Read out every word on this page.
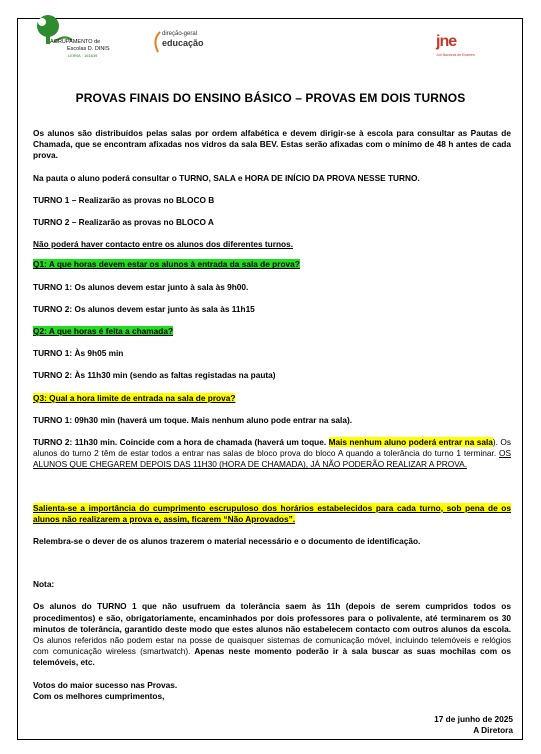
AGRUPAMENTO de
Escolas D. DINIS
LEIRIA · 161639
direção-geral
educação	jne
Júri Nacional de Exames
PROVAS FINAIS DO ENSINO BÁSICO – PROVAS EM DOIS TURNOS

Os alunos são distribuídos pelas salas por ordem alfabética e devem dirigir-se à escola para consultar as Pautas de Chamada, que se encontram afixadas nos vidros da sala BEV. Estas serão afixadas com o mínimo de 48 h antes de cada prova.

Na pauta o aluno poderá consultar o TURNO, SALA e HORA DE INÍCIO DA PROVA NESSE TURNO.

TURNO 1 – Realizarão as provas no BLOCO B

TURNO 2 – Realizarão as provas no BLOCO A

Não poderá haver contacto entre os alunos dos diferentes turnos.

Q1: A que horas devem estar os alunos à entrada da sala de prova?

TURNO 1: Os alunos devem estar junto à sala às 9h00.

TURNO 2: Os alunos devem estar junto às sala às 11h15

Q2: A que horas é feita a chamada?

TURNO 1: Às 9h05 min

TURNO 2: Às 11h30 min (sendo as faltas registadas na pauta)

Q3: Qual a hora limite de entrada na sala de prova?

TURNO 1: 09h30 min (haverá um toque. Mais nenhum aluno pode entrar na sala).

TURNO 2: 11h30 min. Coincide com a hora de chamada (haverá um toque. Mais nenhum aluno poderá entrar na sala). Os alunos do turno 2 têm de estar todos a entrar nas salas de bloco prova do bloco A quando a tolerância do turno 1 terminar. OS ALUNOS QUE CHEGAREM DEPOIS DAS 11H30 (HORA DE CHAMADA), JÁ NÃO PODERÃO REALIZAR A PROVA.

Salienta-se a importância do cumprimento escrupuloso dos horários estabelecidos para cada turno, sob pena de os alunos não realizarem a prova e, assim, ficarem “Não Aprovados”.

Relembra-se o dever de os alunos trazerem o material necessário e o documento de identificação.

Nota:

Os alunos do TURNO 1 que não usufruem da tolerância saem às 11h (depois de serem cumpridos todos os procedimentos) e são, obrigatoriamente, encaminhados por dois professores para o polivalente, até terminarem os 30 minutos de tolerância, garantido deste modo que estes alunos não estabelecem contacto com outros alunos da escola. Os alunos referidos não podem estar na posse de quaisquer sistemas de comunicação móvel, incluindo telemóveis e relógios com comunicação wireless (smartwatch). Apenas neste momento poderão ir à sala buscar as suas mochilas com os telemóveis, etc.

Votos do maior sucesso nas Provas.

Com os melhores cumprimentos,

17 de junho de 2025
A Diretora
